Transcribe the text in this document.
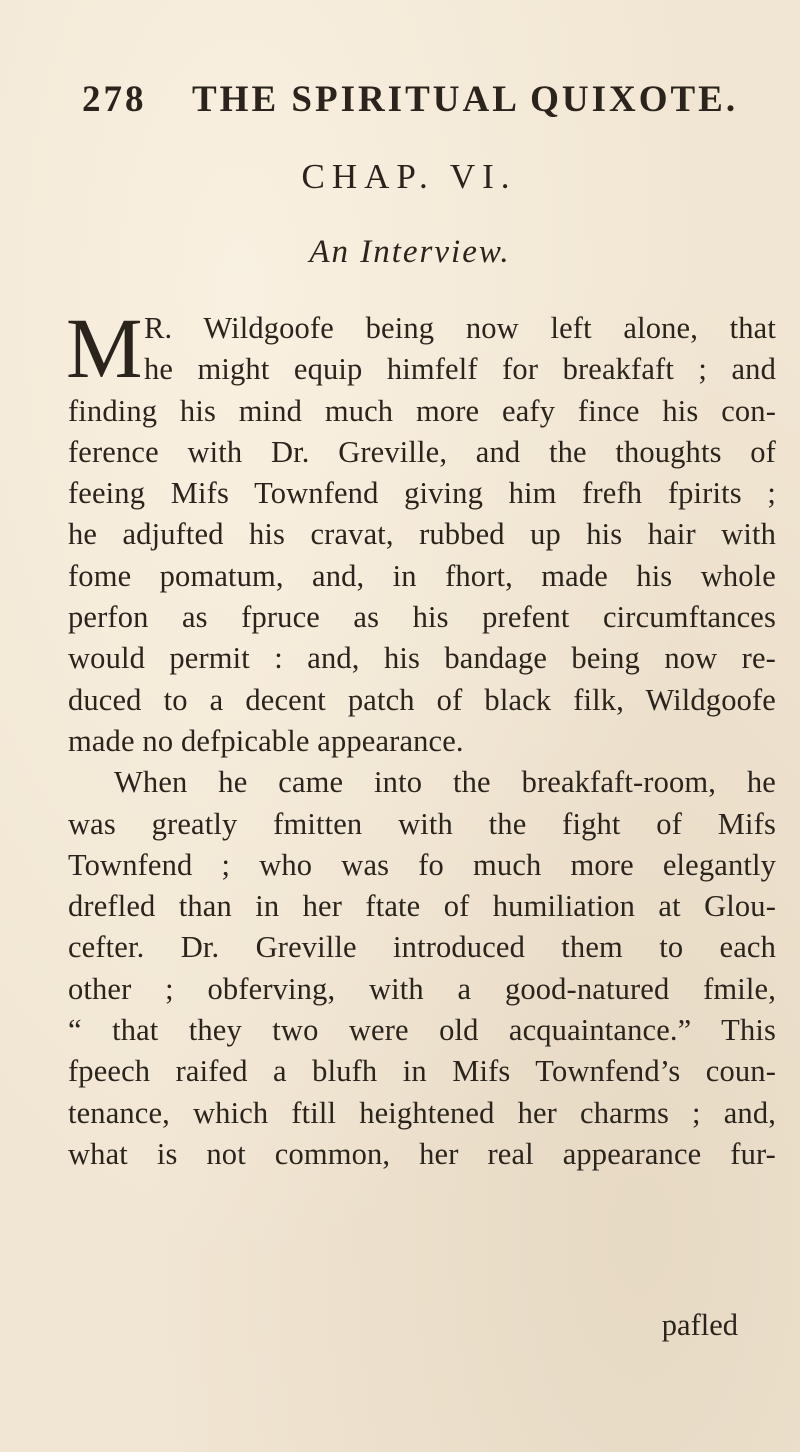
278 THE SPIRITUAL QUIXOTE.
CHAP. VI.
An Interview.
M R. Wildgoofe being now left alone, that
he might equip himfelf for breakfaft ; and
finding his mind much more eafy fince his con-
ference with Dr. Greville, and the thoughts of
feeing Mifs Townfend giving him frefh fpirits ;
he adjufted his cravat, rubbed up his hair with
fome pomatum, and, in fhort, made his whole
perfon as fpruce as his prefent circumftances
would permit : and, his bandage being now re-
duced to a decent patch of black filk, Wildgoofe
made no defpicable appearance.
When he came into the breakfaft-room, he
was greatly fmitten with the fight of Mifs
Townfend ; who was fo much more elegantly
drefled than in her ftate of humiliation at Glou-
cefter. Dr. Greville introduced them to each
other ; obferving, with a good-natured fmile,
“ that they two were old acquaintance.” This
fpeech raifed a blufh in Mifs Townfend’s coun-
tenance, which ftill heightened her charms ; and,
what is not common, her real appearance fur-
pafled
